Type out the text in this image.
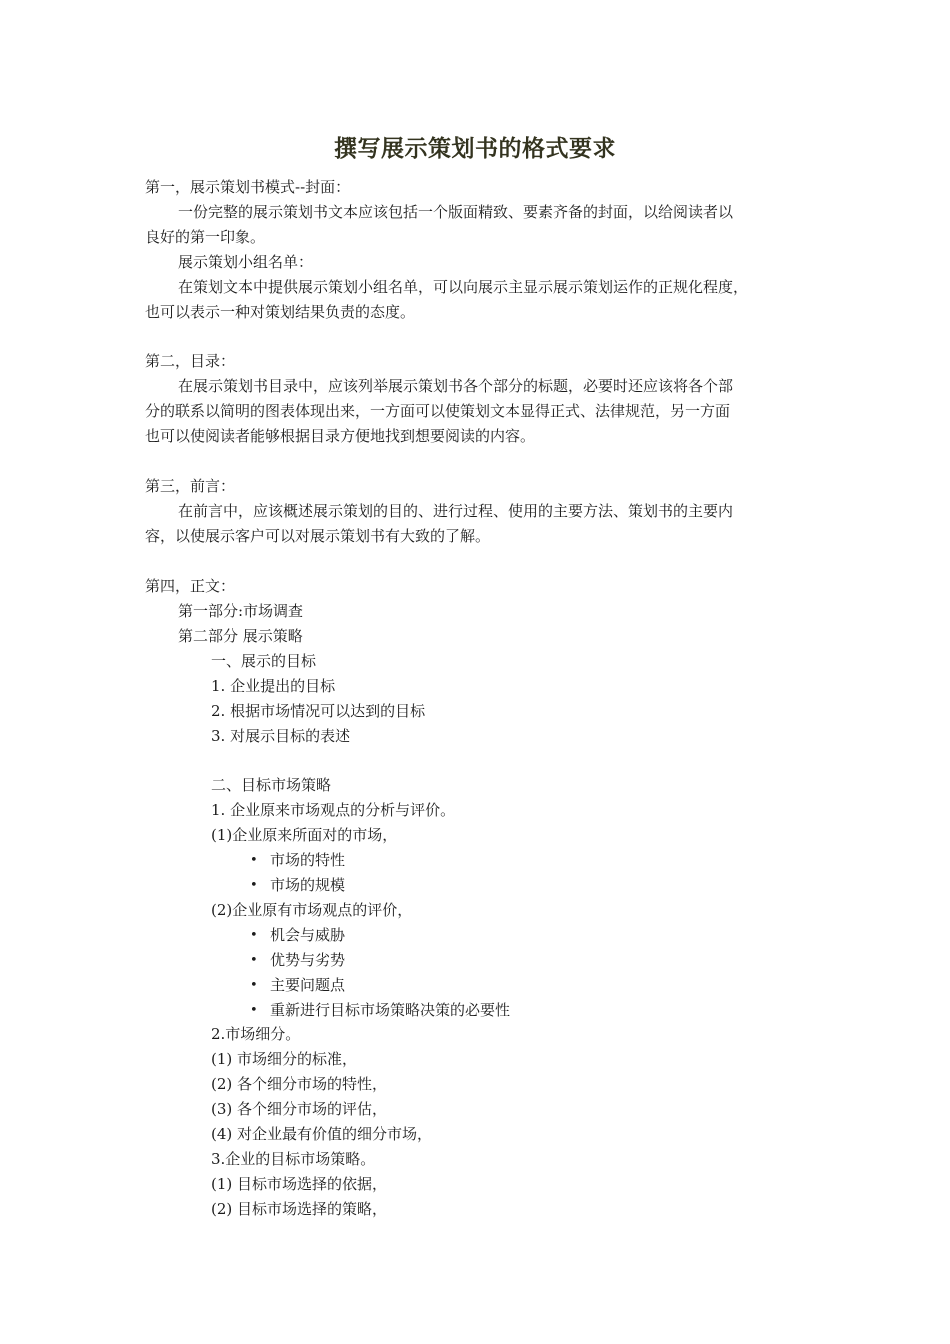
撰写展示策划书的格式要求
第一，展示策划书模式--封面：
一份完整的展示策划书文本应该包括一个版面精致、要素齐备的封面，以给阅读者以
良好的第一印象。
展示策划小组名单：
在策划文本中提供展示策划小组名单，可以向展示主显示展示策划运作的正规化程度，
也可以表示一种对策划结果负责的态度。
第二，目录：
在展示策划书目录中，应该列举展示策划书各个部分的标题，必要时还应该将各个部
分的联系以简明的图表体现出来，一方面可以使策划文本显得正式、法律规范，另一方面
也可以使阅读者能够根据目录方便地找到想要阅读的内容。
第三，前言：
在前言中，应该概述展示策划的目的、进行过程、使用的主要方法、策划书的主要内
容，以使展示客户可以对展示策划书有大致的了解。
第四，正文：
第一部分:市场调查
第二部分 展示策略
一、展示的目标
1. 企业提出的目标
2. 根据市场情况可以达到的目标
3. 对展示目标的表述
二、目标市场策略
1. 企业原来市场观点的分析与评价。
(1)企业原来所面对的市场，
• 市场的特性
• 市场的规模
(2)企业原有市场观点的评价，
• 机会与威胁
• 优势与劣势
• 主要问题点
• 重新进行目标市场策略决策的必要性
2.市场细分。
(1) 市场细分的标准，
(2) 各个细分市场的特性，
(3) 各个细分市场的评估，
(4) 对企业最有价值的细分市场，
3.企业的目标市场策略。
(1) 目标市场选择的依据，
(2) 目标市场选择的策略，
